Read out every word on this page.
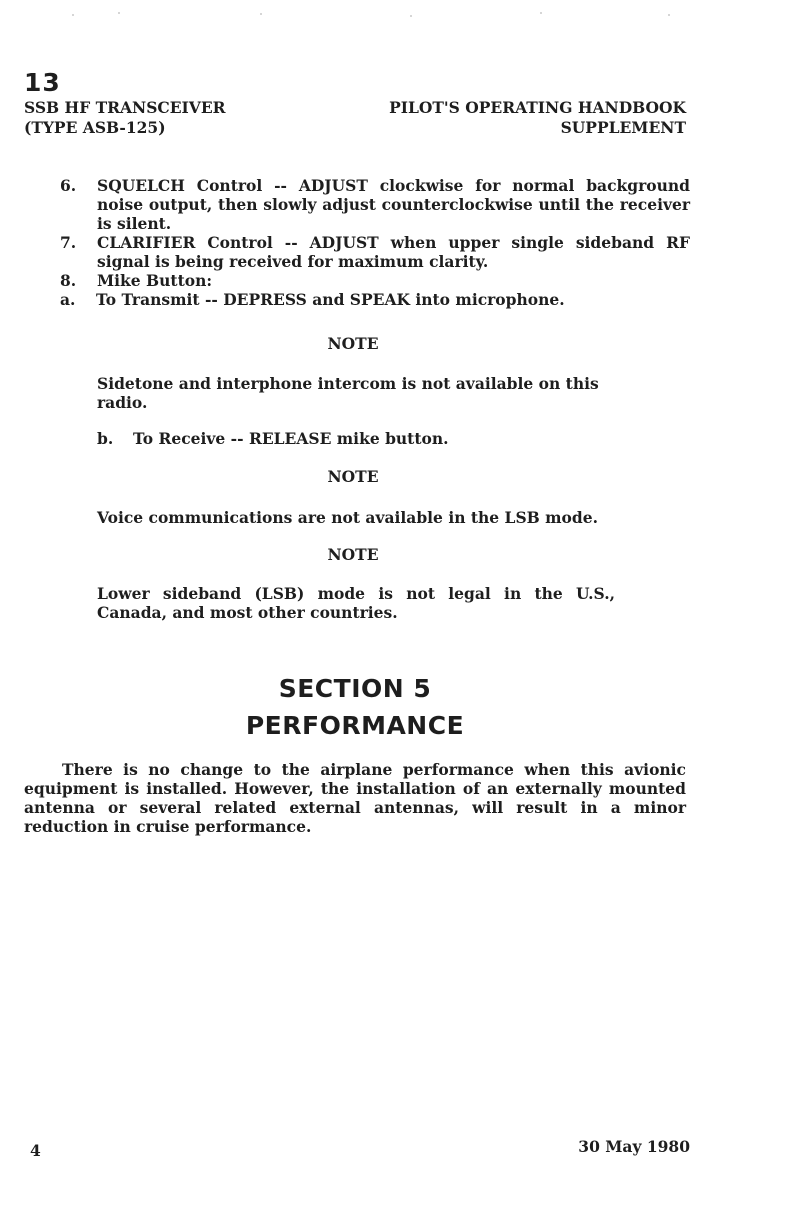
13
SSB HF TRANSCEIVER
(TYPE ASB-125)
PILOT'S OPERATING HANDBOOK
SUPPLEMENT
6. SQUELCH Control -- ADJUST clockwise for normal background noise output, then slowly adjust counterclockwise until the receiver is silent.
7. CLARIFIER Control -- ADJUST when upper single sideband RF signal is being received for maximum clarity.
8. Mike Button:
a. To Transmit -- DEPRESS and SPEAK into microphone.
NOTE
Sidetone and interphone intercom is not available on this radio.
b. To Receive -- RELEASE mike button.
NOTE
Voice communications are not available in the LSB mode.
NOTE
Lower sideband (LSB) mode is not legal in the U.S., Canada, and most other countries.
SECTION 5
PERFORMANCE
There is no change to the airplane performance when this avionic equipment is installed. However, the installation of an externally mounted antenna or several related external antennas, will result in a minor reduction in cruise performance.
4	30 May 1980
